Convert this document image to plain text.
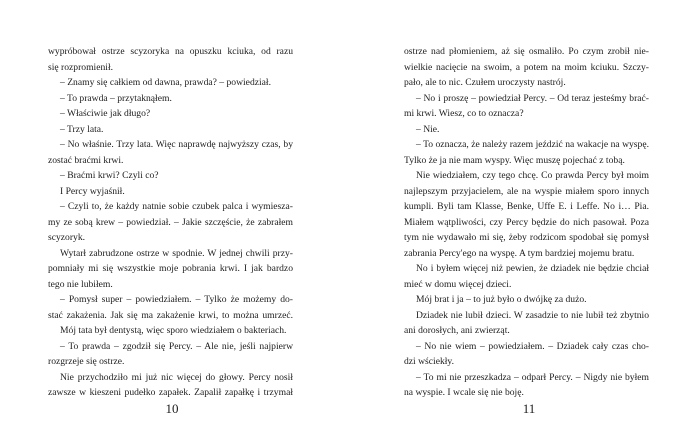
wypróbował ostrze scyzoryka na opuszku kciuka, od razu
się rozpromienił.
– Znamy się całkiem od dawna, prawda? – powiedział.
– To prawda – przytaknąłem.
– Właściwie jak długo?
– Trzy lata.
– No właśnie. Trzy lata. Więc naprawdę najwyższy czas, by
zostać braćmi krwi.
– Braćmi krwi? Czyli co?
I Percy wyjaśnił.
– Czyli to, że każdy natnie sobie czubek palca i wymiesza-
my ze sobą krew – powiedział. – Jakie szczęście, że zabrałem
scyzoryk.
Wytarł zabrudzone ostrze w spodnie. W jednej chwili przy-
pomniały mi się wszystkie moje pobrania krwi. I jak bardzo
tego nie lubiłem.
– Pomysł super – powiedziałem. – Tylko że możemy do-
stać zakażenia. Jak się ma zakażenie krwi, to można umrzeć.
Mój tata był dentystą, więc sporo wiedziałem o bakteriach.
– To prawda – zgodził się Percy. – Ale nie, jeśli najpierw
rozgrzeje się ostrze.
Nie przychodziło mi już nic więcej do głowy. Percy nosił
zawsze w kieszeni pudełko zapałek. Zapalił zapałkę i trzymał
10
ostrze nad płomieniem, aż się osmaliło. Po czym zrobił nie-
wielkie nacięcie na swoim, a potem na moim kciuku. Szczy-
pało, ale to nic. Czułem uroczysty nastrój.
– No i proszę – powiedział Percy. – Od teraz jesteśmy brać-
mi krwi. Wiesz, co to oznacza?
– Nie.
– To oznacza, że należy razem jeździć na wakacje na wyspę.
Tylko że ja nie mam wyspy. Więc muszę pojechać z tobą.
Nie wiedziałem, czy tego chcę. Co prawda Percy był moim
najlepszym przyjacielem, ale na wyspie miałem sporo innych
kumpli. Byli tam Klasse, Benke, Uffe E. i Leffe. No i… Pia.
Miałem wątpliwości, czy Percy będzie do nich pasował. Poza
tym nie wydawało mi się, żeby rodzicom spodobał się pomysł
zabrania Percy'ego na wyspę. A tym bardziej mojemu bratu.
No i byłem więcej niż pewien, że dziadek nie będzie chciał
mieć w domu więcej dzieci.
Mój brat i ja – to już było o dwójkę za dużo.
Dziadek nie lubił dzieci. W zasadzie to nie lubił też zbytnio
ani dorosłych, ani zwierząt.
– No nie wiem – powiedziałem. – Dziadek cały czas cho-
dzi wściekły.
– To mi nie przeszkadza – odparł Percy. – Nigdy nie byłem
na wyspie. I wcale się nie boję.
11
